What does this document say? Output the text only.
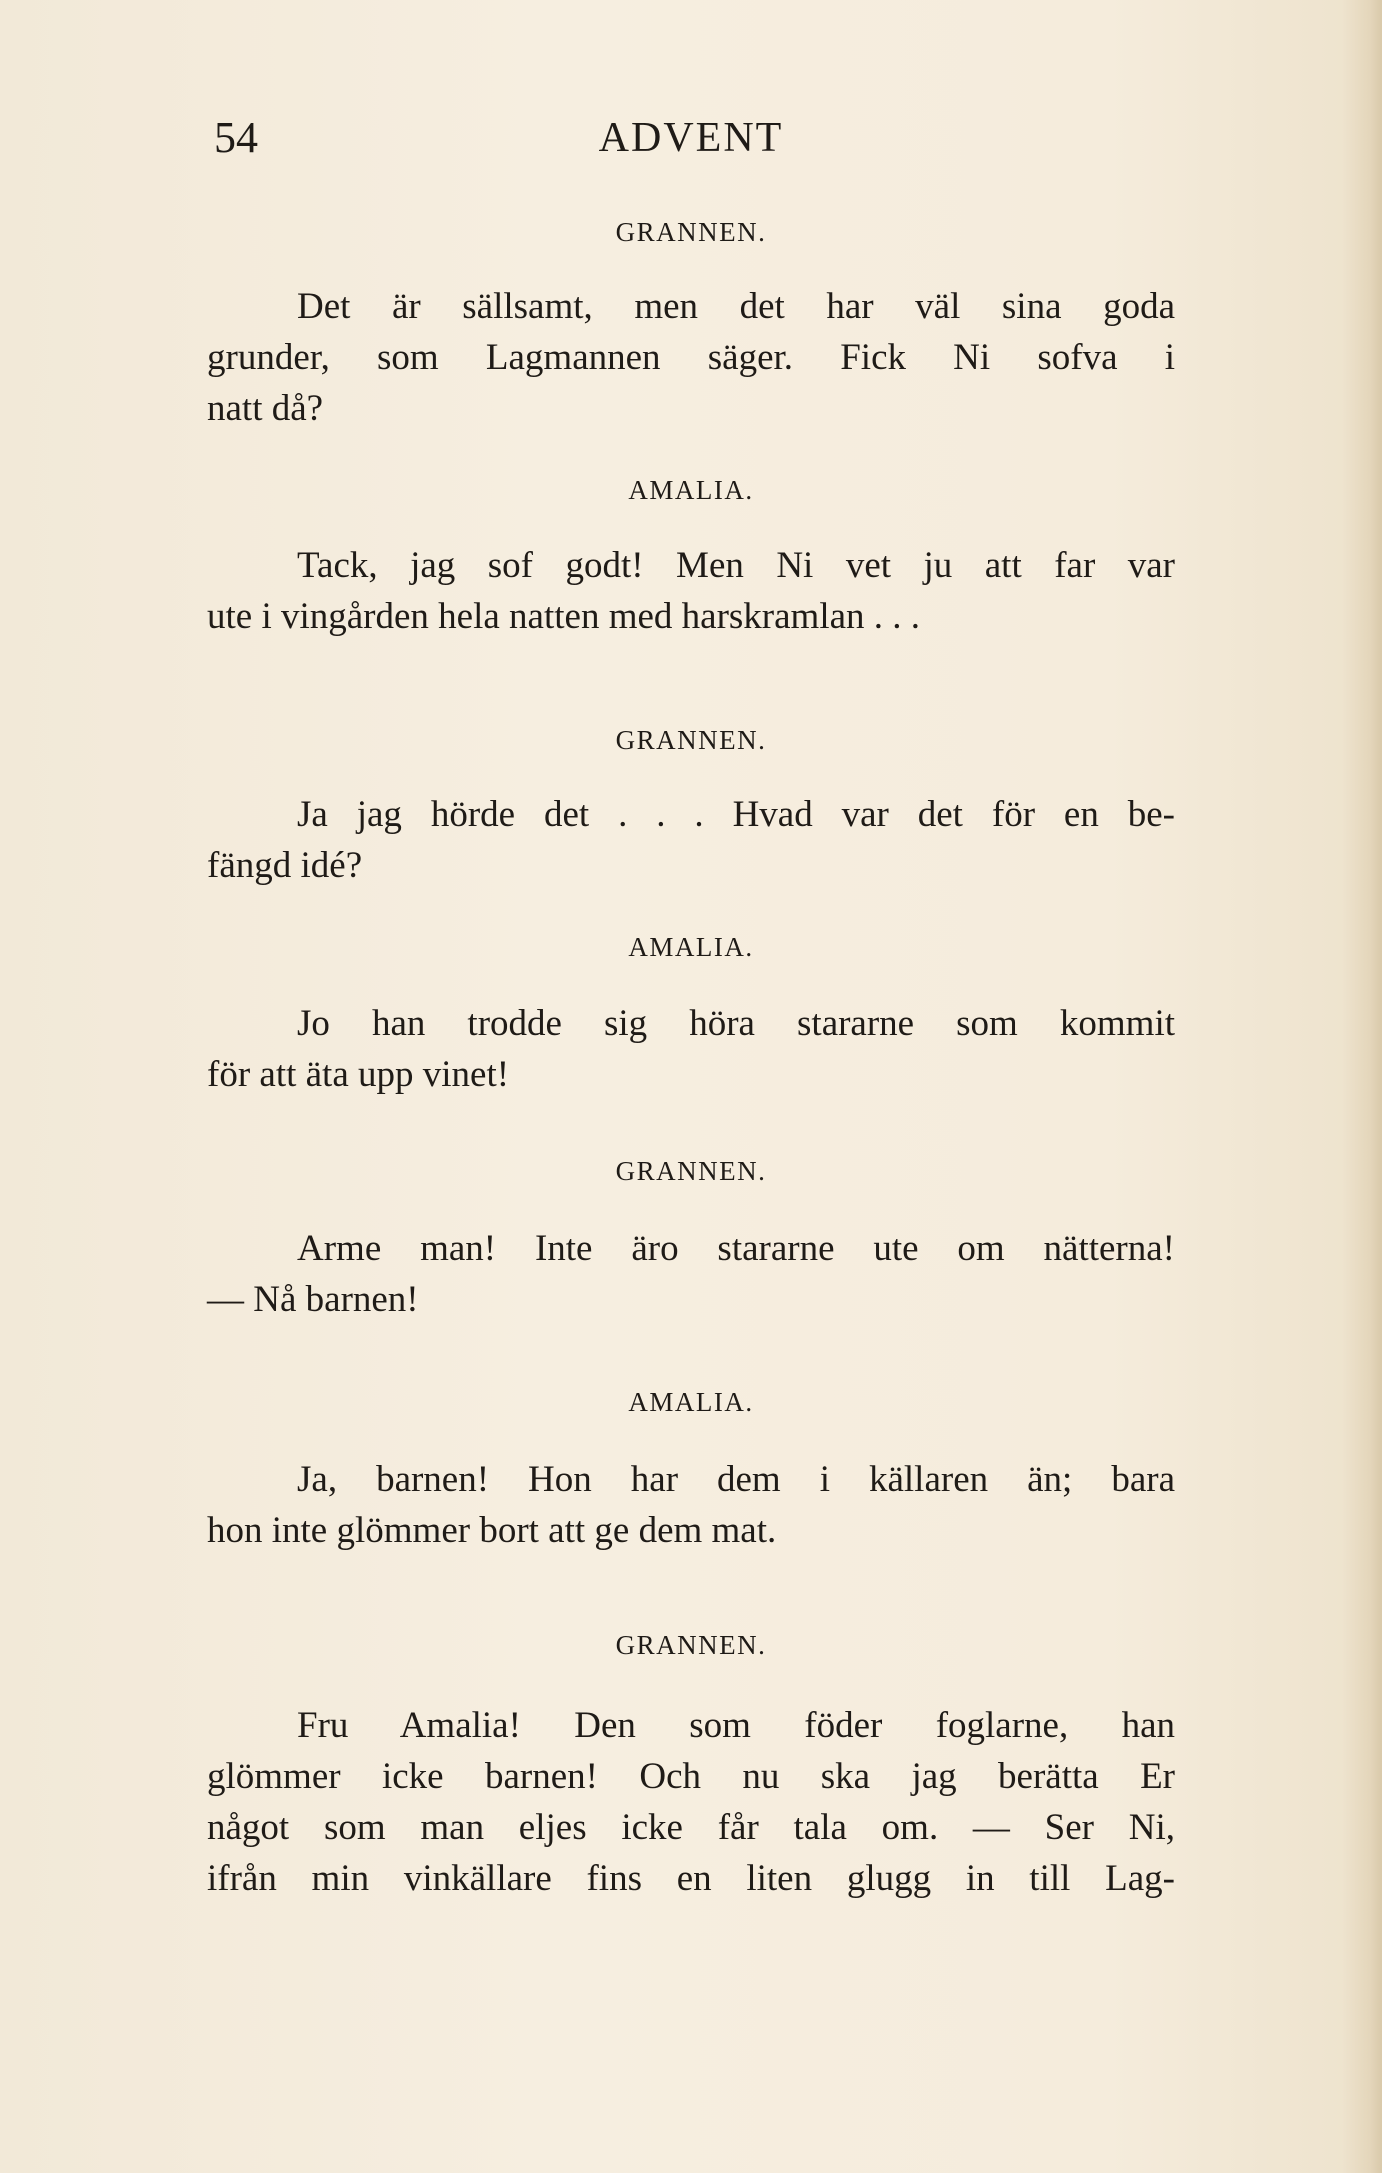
54	ADVENT
GRANNEN.
Det är sällsamt, men det har väl sina goda
grunder, som Lagmannen säger. Fick Ni sofva i
natt då?
AMALIA.
Tack, jag sof godt! Men Ni vet ju att far var
ute i vingården hela natten med harskramlan . . .
GRANNEN.
Ja jag hörde det . . . Hvad var det för en be-
fängd idé?
AMALIA.
Jo han trodde sig höra stararne som kommit
för att äta upp vinet!
GRANNEN.
Arme man! Inte äro stararne ute om nätterna!
— Nå barnen!
AMALIA.
Ja, barnen! Hon har dem i källaren än; bara
hon inte glömmer bort att ge dem mat.
GRANNEN.
Fru Amalia! Den som föder foglarne, han
glömmer icke barnen! Och nu ska jag berätta Er
något som man eljes icke får tala om. — Ser Ni,
ifrån min vinkällare fins en liten glugg in till Lag-
